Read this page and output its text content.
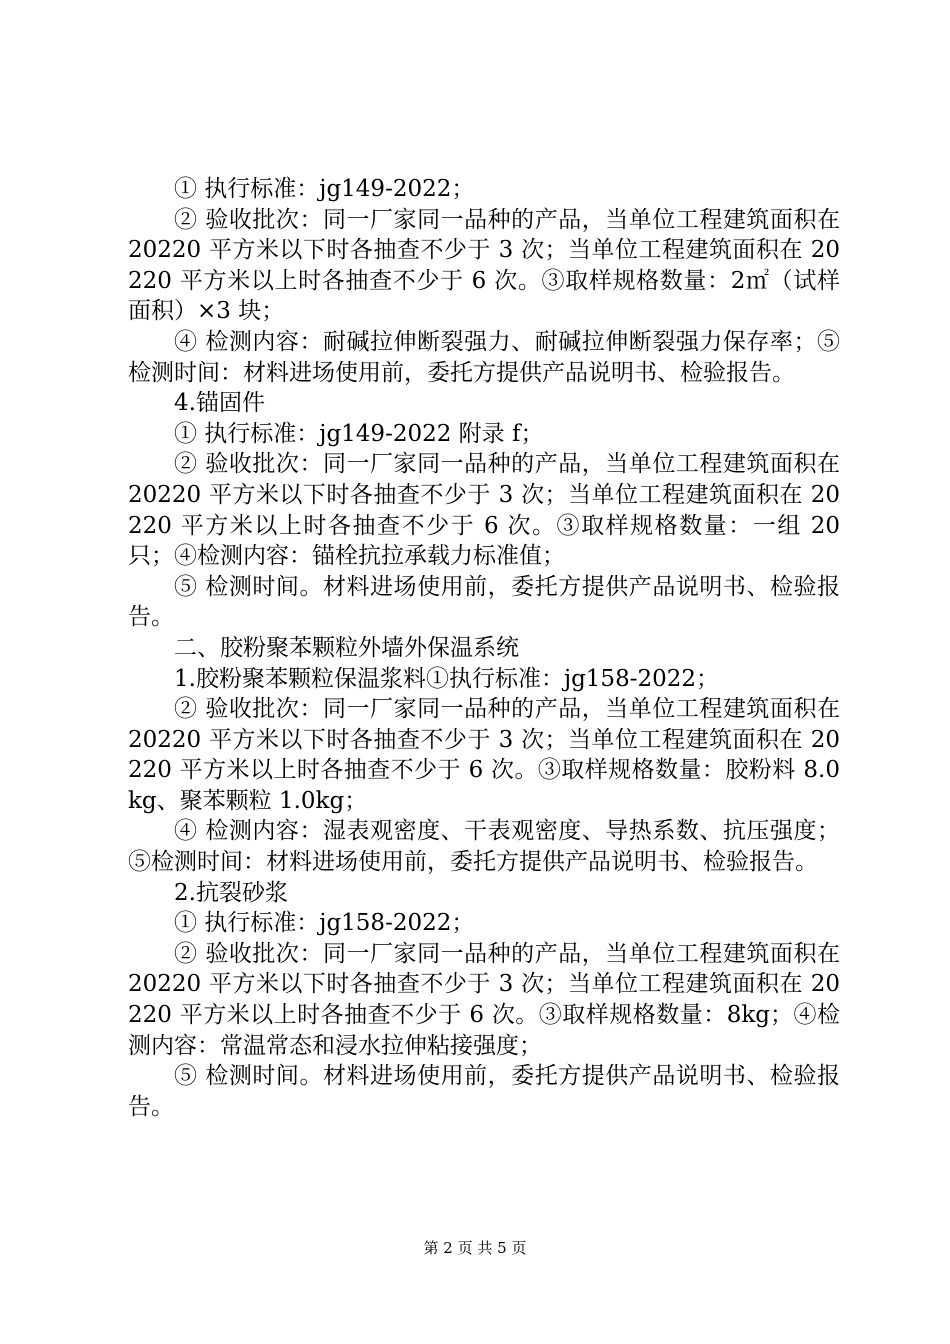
① 执行标准：jg149-2022；

② 验收批次：同一厂家同一品种的产品，当单位工程建筑面积在 20220 平方米以下时各抽查不少于 3 次；当单位工程建筑面积在 20220 平方米以上时各抽查不少于 6 次。③取样规格数量：2㎡（试样面积）×3 块；

④ 检测内容：耐碱拉伸断裂强力、耐碱拉伸断裂强力保存率；⑤检测时间：材料进场使用前，委托方提供产品说明书、检验报告。

4.锚固件

① 执行标准：jg149-2022 附录 f；

② 验收批次：同一厂家同一品种的产品，当单位工程建筑面积在 20220 平方米以下时各抽查不少于 3 次；当单位工程建筑面积在 20220 平方米以上时各抽查不少于 6 次。③取样规格数量：一组 20 只；④检测内容：锚栓抗拉承载力标准值；

⑤ 检测时间。材料进场使用前，委托方提供产品说明书、检验报告。

二、胶粉聚苯颗粒外墙外保温系统

1.胶粉聚苯颗粒保温浆料①执行标准：jg158-2022；

② 验收批次：同一厂家同一品种的产品，当单位工程建筑面积在 20220 平方米以下时各抽查不少于 3 次；当单位工程建筑面积在 20220 平方米以上时各抽查不少于 6 次。③取样规格数量：胶粉料 8.0kg、聚苯颗粒 1.0kg；

④ 检测内容：湿表观密度、干表观密度、导热系数、抗压强度；⑤检测时间：材料进场使用前，委托方提供产品说明书、检验报告。

2.抗裂砂浆

① 执行标准：jg158-2022；

② 验收批次：同一厂家同一品种的产品，当单位工程建筑面积在 20220 平方米以下时各抽查不少于 3 次；当单位工程建筑面积在 20220 平方米以上时各抽查不少于 6 次。③取样规格数量：8kg；④检测内容：常温常态和浸水拉伸粘接强度；

⑤ 检测时间。材料进场使用前，委托方提供产品说明书、检验报告。

第 2 页 共 5 页
